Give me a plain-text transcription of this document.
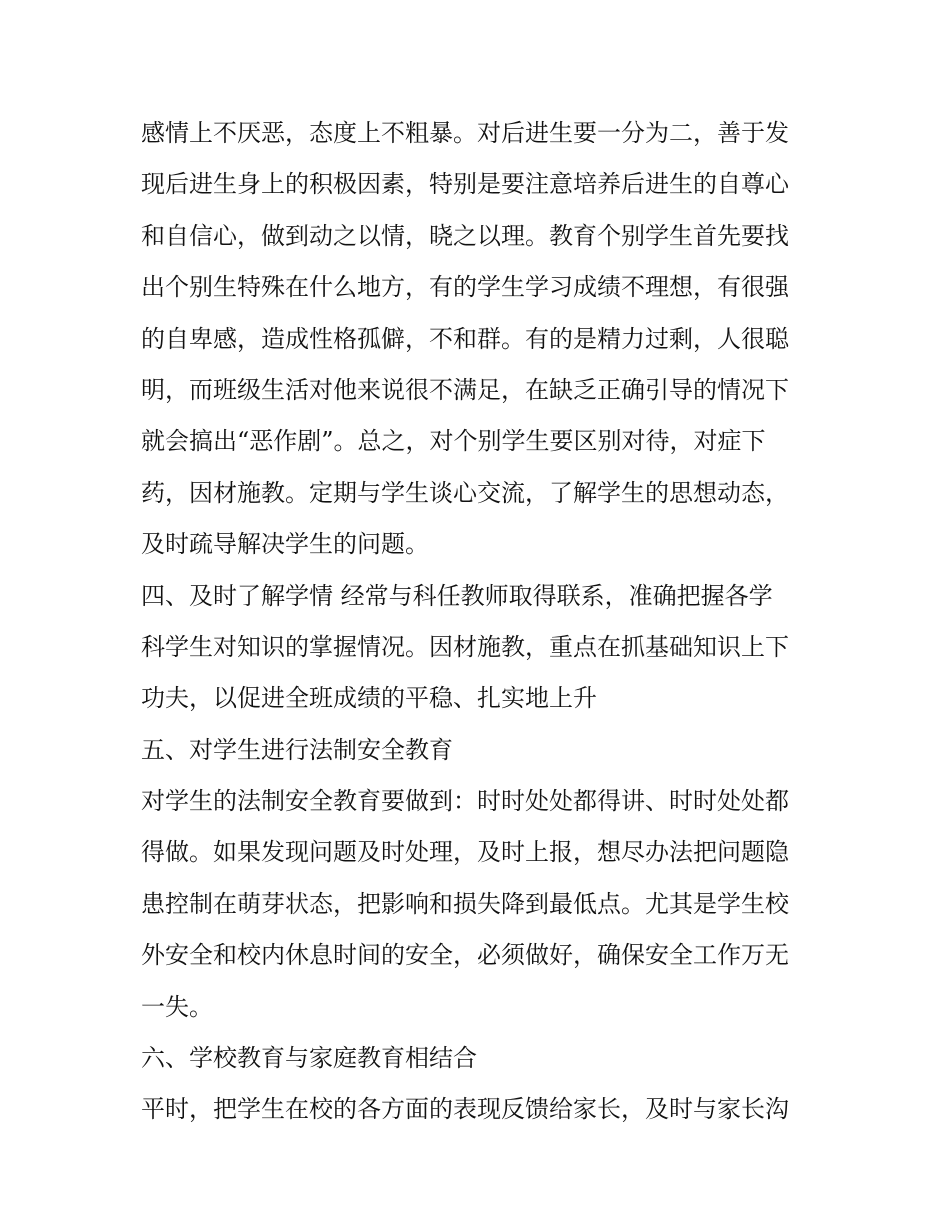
感情上不厌恶，态度上不粗暴。对后进生要一分为二，善于发
现后进生身上的积极因素，特别是要注意培养后进生的自尊心
和自信心，做到动之以情，晓之以理。教育个别学生首先要找
出个别生特殊在什么地方，有的学生学习成绩不理想，有很强
的自卑感，造成性格孤僻，不和群。有的是精力过剩，人很聪
明，而班级生活对他来说很不满足，在缺乏正确引导的情况下
就会搞出“恶作剧”。总之，对个别学生要区别对待，对症下
药，因材施教。定期与学生谈心交流，了解学生的思想动态，
及时疏导解决学生的问题。
四、及时了解学情 经常与科任教师取得联系，准确把握各学
科学生对知识的掌握情况。因材施教，重点在抓基础知识上下
功夫，以促进全班成绩的平稳、扎实地上升
五、对学生进行法制安全教育
对学生的法制安全教育要做到：时时处处都得讲、时时处处都
得做。如果发现问题及时处理，及时上报，想尽办法把问题隐
患控制在萌芽状态，把影响和损失降到最低点。尤其是学生校
外安全和校内休息时间的安全，必须做好，确保安全工作万无
一失。
六、学校教育与家庭教育相结合
平时，把学生在校的各方面的表现反馈给家长，及时与家长沟
